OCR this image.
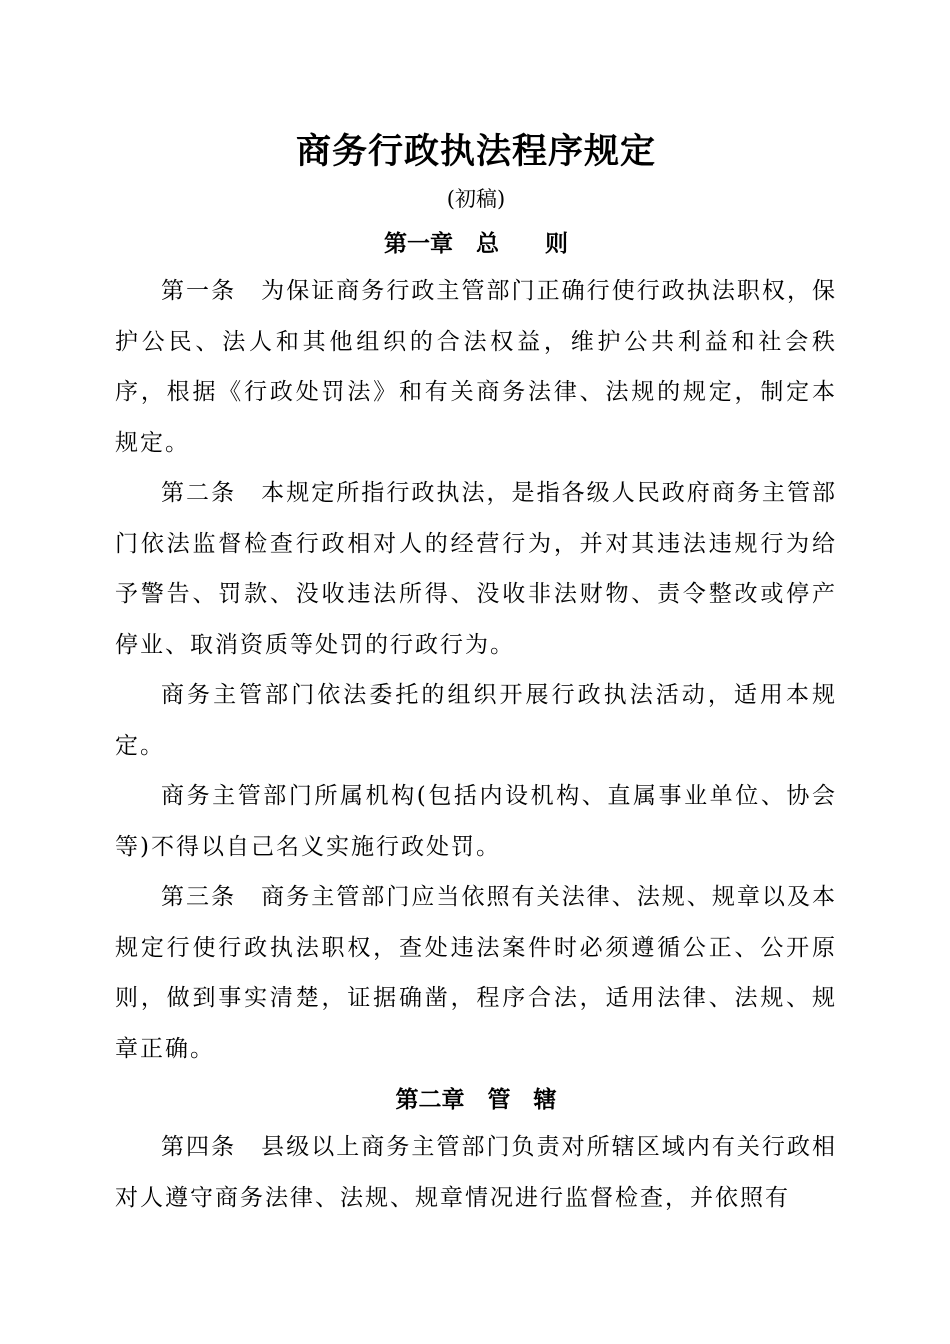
商务行政执法程序规定

(初稿)

第一章　总　　则

第一条　为保证商务行政主管部门正确行使行政执法职权，保护公民、法人和其他组织的合法权益，维护公共利益和社会秩序，根据《行政处罚法》和有关商务法律、法规的规定，制定本规定。

第二条　本规定所指行政执法，是指各级人民政府商务主管部门依法监督检查行政相对人的经营行为，并对其违法违规行为给予警告、罚款、没收违法所得、没收非法财物、责令整改或停产停业、取消资质等处罚的行政行为。

商务主管部门依法委托的组织开展行政执法活动，适用本规定。

商务主管部门所属机构(包括内设机构、直属事业单位、协会等)不得以自己名义实施行政处罚。

第三条　商务主管部门应当依照有关法律、法规、规章以及本规定行使行政执法职权，查处违法案件时必须遵循公正、公开原则，做到事实清楚，证据确凿，程序合法，适用法律、法规、规章正确。

第二章　管　辖

第四条　县级以上商务主管部门负责对所辖区域内有关行政相对人遵守商务法律、法规、规章情况进行监督检查，并依照有
